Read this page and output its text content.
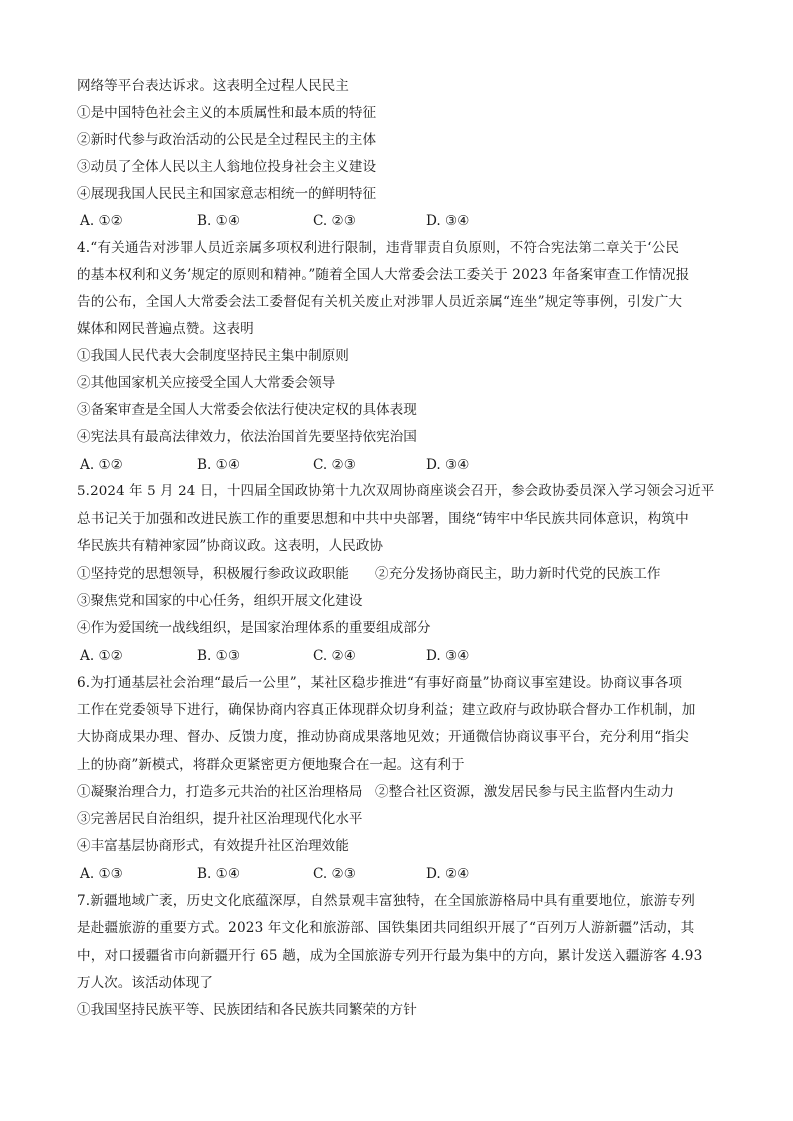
网络等平台表达诉求。这表明全过程人民民主
①是中国特色社会主义的本质属性和最本质的特征
②新时代参与政治活动的公民是全过程民主的主体
③动员了全体人民以主人翁地位投身社会主义建设
④展现我国人民民主和国家意志相统一的鲜明特征
A. ①②	B. ①④	C. ②③	D. ③④
4.“有关通告对涉罪人员近亲属多项权利进行限制，违背罪责自负原则，不符合宪法第二章关于‘公民
的基本权利和义务’规定的原则和精神。”随着全国人大常委会法工委关于 2023 年备案审查工作情况报
告的公布，全国人大常委会法工委督促有关机关废止对涉罪人员近亲属“连坐”规定等事例，引发广大
媒体和网民普遍点赞。这表明
①我国人民代表大会制度坚持民主集中制原则
②其他国家机关应接受全国人大常委会领导
③备案审查是全国人大常委会依法行使决定权的具体表现
④宪法具有最高法律效力，依法治国首先要坚持依宪治国
A. ①②	B. ①④	C. ②③	D. ③④
5.2024 年 5 月 24 日，十四届全国政协第十九次双周协商座谈会召开，参会政协委员深入学习领会习近平
总书记关于加强和改进民族工作的重要思想和中共中央部署，围绕“铸牢中华民族共同体意识，构筑中
华民族共有精神家园”协商议政。这表明，人民政协
①坚持党的思想领导，积极履行参政议政职能 ②充分发扬协商民主，助力新时代党的民族工作
③聚焦党和国家的中心任务，组织开展文化建设
④作为爱国统一战线组织，是国家治理体系的重要组成部分
A. ①②	B. ①③	C. ②④	D. ③④
6.为打通基层社会治理“最后一公里”，某社区稳步推进“有事好商量”协商议事室建设。协商议事各项
工作在党委领导下进行，确保协商内容真正体现群众切身利益；建立政府与政协联合督办工作机制，加
大协商成果办理、督办、反馈力度，推动协商成果落地见效；开通微信协商议事平台，充分利用“指尖
上的协商”新模式，将群众更紧密更方便地聚合在一起。这有利于
①凝聚治理合力，打造多元共治的社区治理格局 ②整合社区资源，激发居民参与民主监督内生动力
③完善居民自治组织，提升社区治理现代化水平
④丰富基层协商形式，有效提升社区治理效能
A. ①③	B. ①④	C. ②③	D. ②④
7.新疆地域广袤，历史文化底蕴深厚，自然景观丰富独特，在全国旅游格局中具有重要地位，旅游专列
是赴疆旅游的重要方式。2023 年文化和旅游部、国铁集团共同组织开展了“百列万人游新疆”活动，其
中，对口援疆省市向新疆开行 65 趟，成为全国旅游专列开行最为集中的方向，累计发送入疆游客 4.93
万人次。该活动体现了
①我国坚持民族平等、民族团结和各民族共同繁荣的方针
